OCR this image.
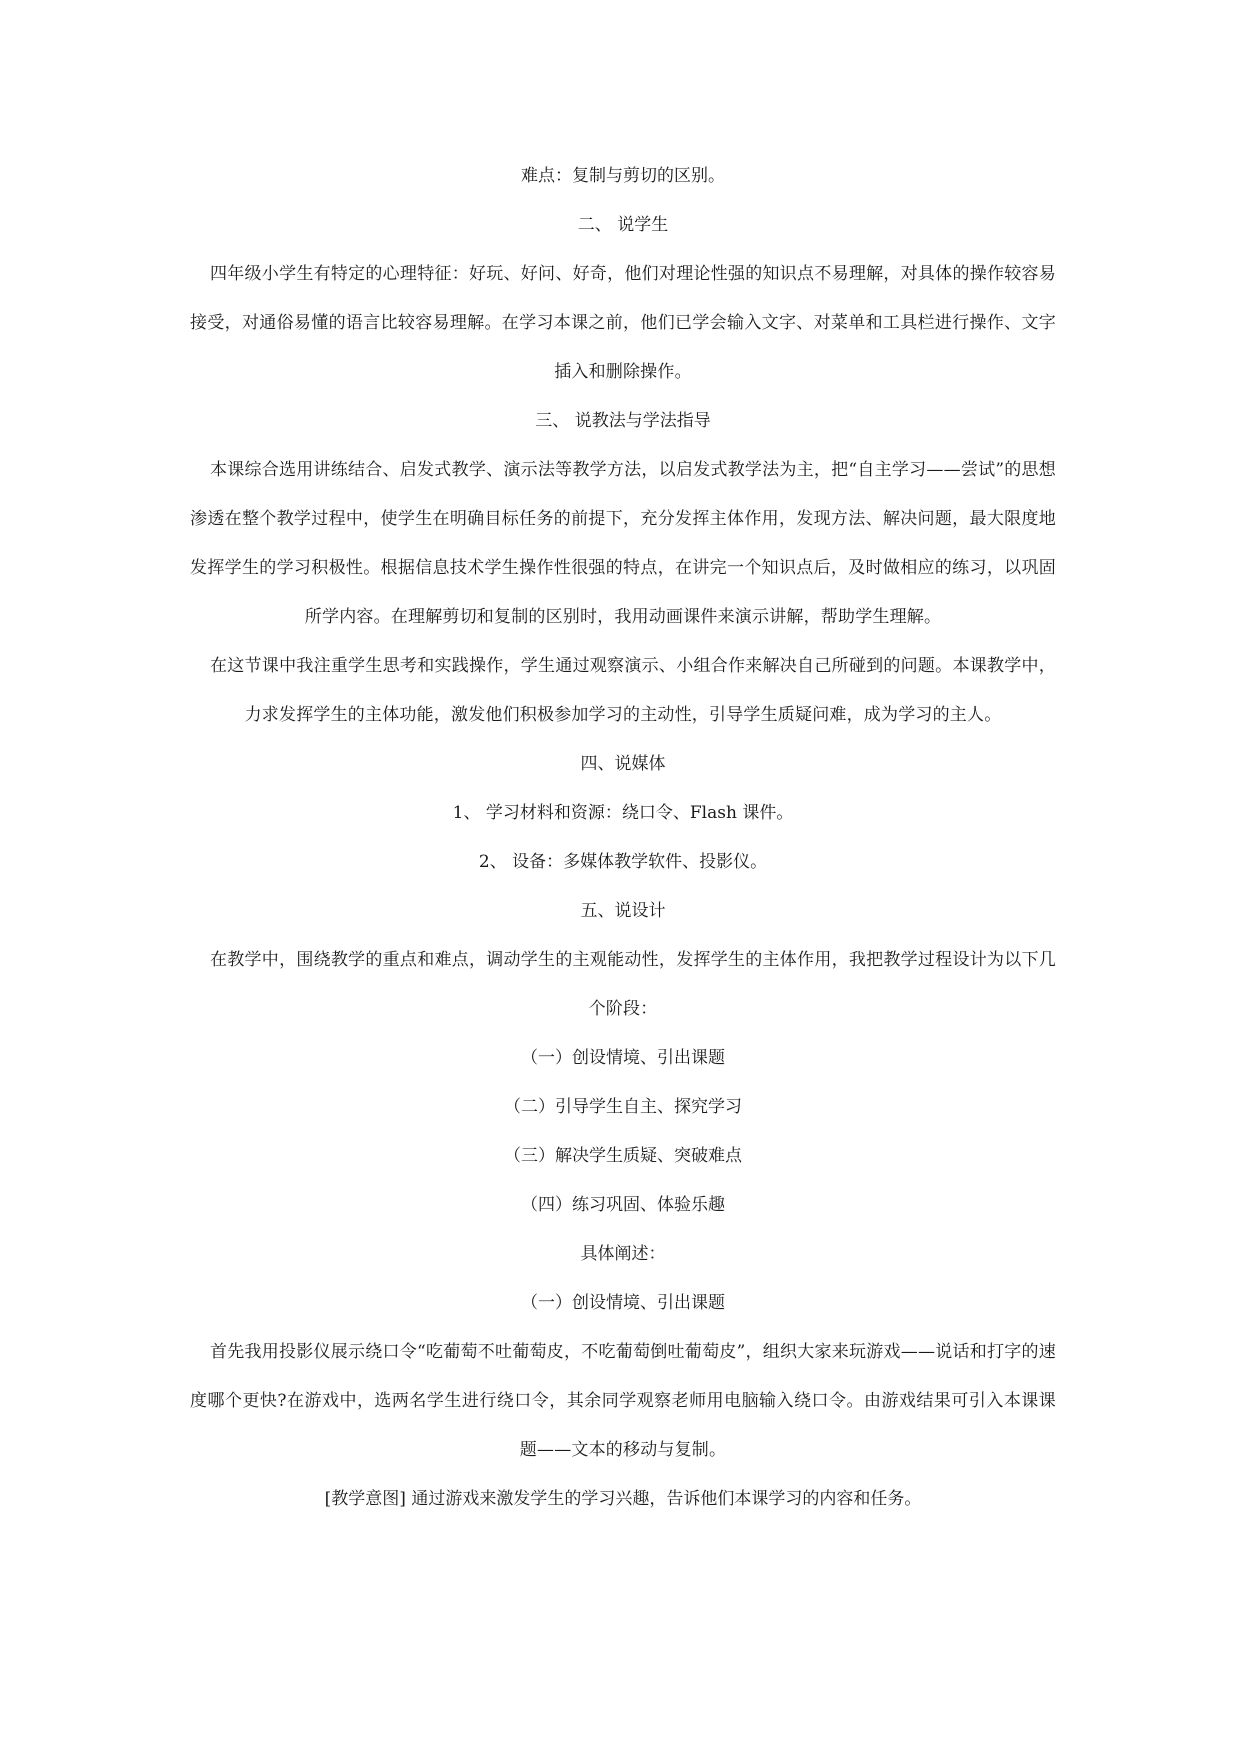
难点：复制与剪切的区别。

二、 说学生

四年级小学生有特定的心理特征：好玩、好问、好奇，他们对理论性强的知识点不易理解，对具体的操作较容易接受，对通俗易懂的语言比较容易理解。在学习本课之前，他们已学会输入文字、对菜单和工具栏进行操作、文字插入和删除操作。

三、 说教法与学法指导

本课综合选用讲练结合、启发式教学、演示法等教学方法，以启发式教学法为主，把“自主学习——尝试”的思想渗透在整个教学过程中，使学生在明确目标任务的前提下，充分发挥主体作用，发现方法、解决问题，最大限度地发挥学生的学习积极性。根据信息技术学生操作性很强的特点，在讲完一个知识点后，及时做相应的练习，以巩固所学内容。在理解剪切和复制的区别时，我用动画课件来演示讲解，帮助学生理解。

在这节课中我注重学生思考和实践操作，学生通过观察演示、小组合作来解决自己所碰到的问题。本课教学中，力求发挥学生的主体功能，激发他们积极参加学习的主动性，引导学生质疑问难，成为学习的主人。

四、说媒体

1、 学习材料和资源：绕口令、Flash 课件。

2、 设备：多媒体教学软件、投影仪。

五、说设计

在教学中，围绕教学的重点和难点，调动学生的主观能动性，发挥学生的主体作用，我把教学过程设计为以下几个阶段：

（一）创设情境、引出课题

（二）引导学生自主、探究学习

（三）解决学生质疑、突破难点

（四）练习巩固、体验乐趣

具体阐述：

（一）创设情境、引出课题

首先我用投影仪展示绕口令“吃葡萄不吐葡萄皮，不吃葡萄倒吐葡萄皮”，组织大家来玩游戏——说话和打字的速度哪个更快?在游戏中，选两名学生进行绕口令，其余同学观察老师用电脑输入绕口令。由游戏结果可引入本课课题——文本的移动与复制。

[教学意图] 通过游戏来激发学生的学习兴趣，告诉他们本课学习的内容和任务。
